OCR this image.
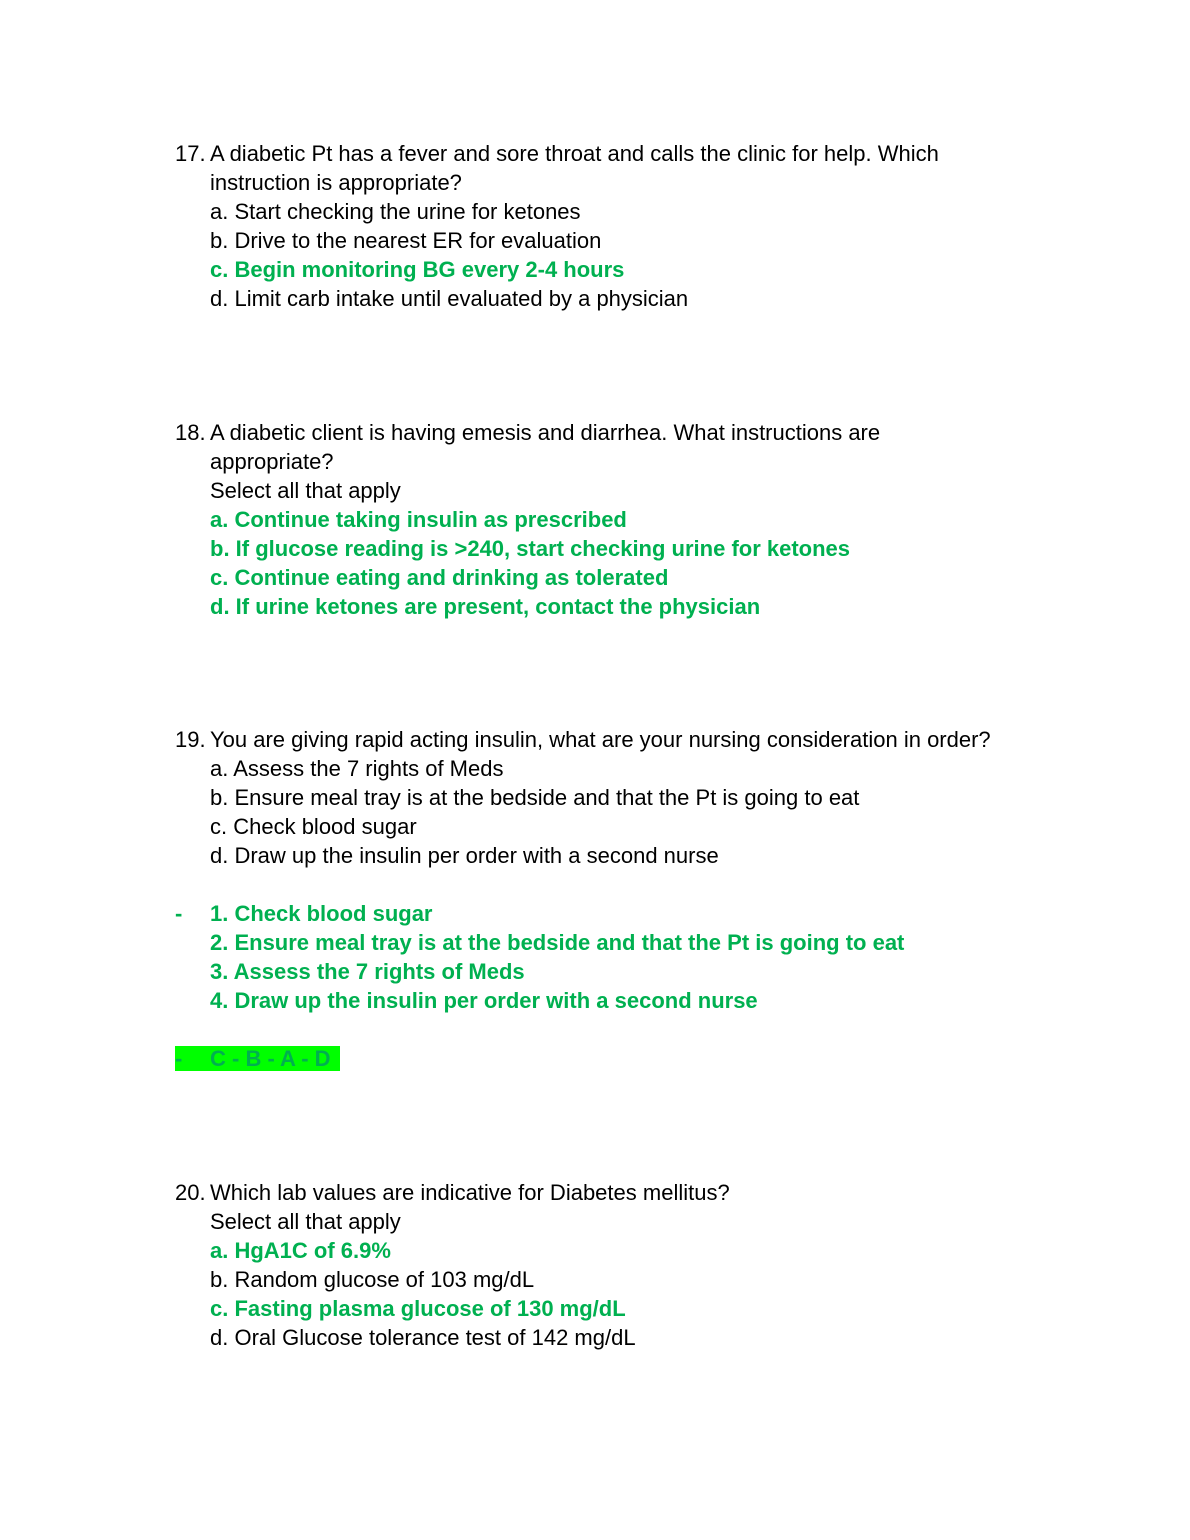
17. A diabetic Pt has a fever and sore throat and calls the clinic for help. Which
instruction is appropriate?
a. Start checking the urine for ketones
b. Drive to the nearest ER for evaluation
c. Begin monitoring BG every 2-4 hours
d. Limit carb intake until evaluated by a physician
18. A diabetic client is having emesis and diarrhea. What instructions are
appropriate?
Select all that apply
a. Continue taking insulin as prescribed
b. If glucose reading is >240, start checking urine for ketones
c. Continue eating and drinking as tolerated
d. If urine ketones are present, contact the physician
19. You are giving rapid acting insulin, what are your nursing consideration in order?
a. Assess the 7 rights of Meds
b. Ensure meal tray is at the bedside and that the Pt is going to eat
c. Check blood sugar
d. Draw up the insulin per order with a second nurse
- 1. Check blood sugar
2. Ensure meal tray is at the bedside and that the Pt is going to eat
3. Assess the 7 rights of Meds
4. Draw up the insulin per order with a second nurse
- C - B - A - D
20. Which lab values are indicative for Diabetes mellitus?
Select all that apply
a. HgA1C of 6.9%
b. Random glucose of 103 mg/dL
c. Fasting plasma glucose of 130 mg/dL
d. Oral Glucose tolerance test of 142 mg/dL
